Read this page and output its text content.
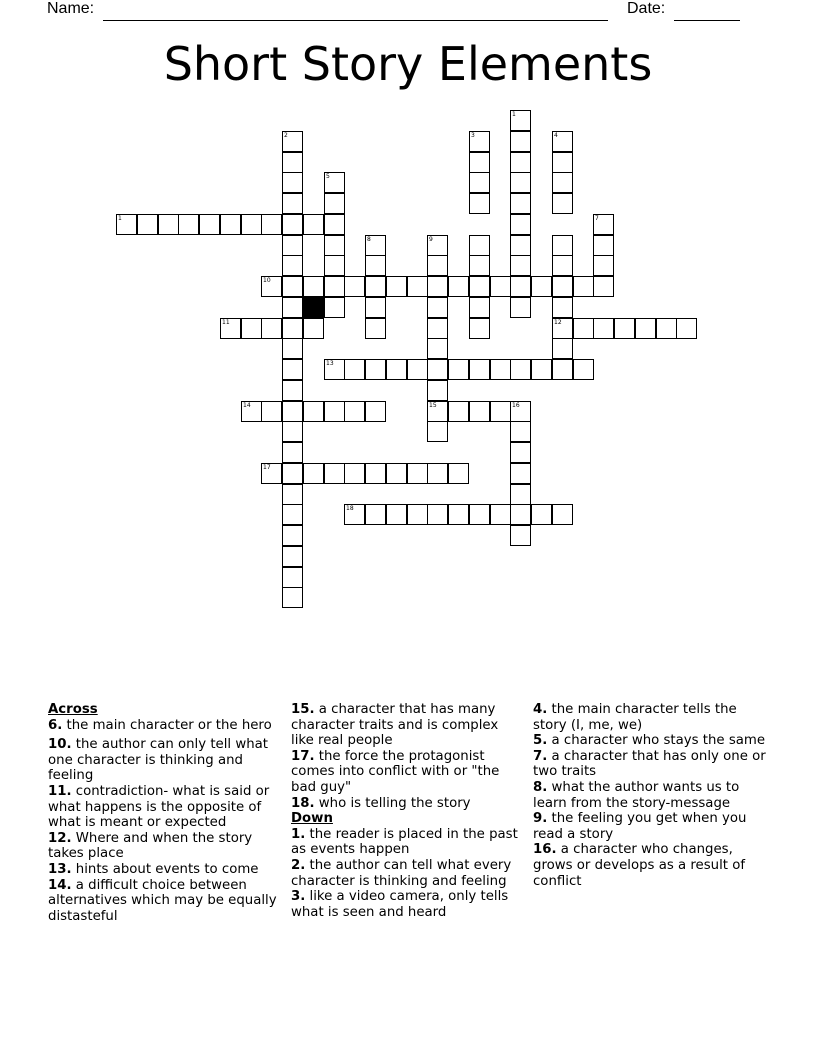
Name:	Date:
Short Story Elements
1
10
11	12
13
14	15
17
18
1
2	3	4
5
7
8	9
16
Across
6. the main character or the hero
10. the author can only tell what one character is thinking and feeling
11. contradiction- what is said or what happens is the opposite of what is meant or expected
12. Where and when the story takes place
13. hints about events to come
14. a difficult choice between alternatives which may be equally distasteful
15. a character that has many character traits and is complex like real people
17. the force the protagonist comes into conflict with or "the bad guy"
18. who is telling the story
Down
1. the reader is placed in the past as events happen
2. the author can tell what every character is thinking and feeling
3. like a video camera, only tells what is seen and heard
4. the main character tells the story (I, me, we)
5. a character who stays the same
7. a character that has only one or two traits
8. what the author wants us to learn from the story-message
9. the feeling you get when you read a story
16. a character who changes, grows or develops as a result of conflict
